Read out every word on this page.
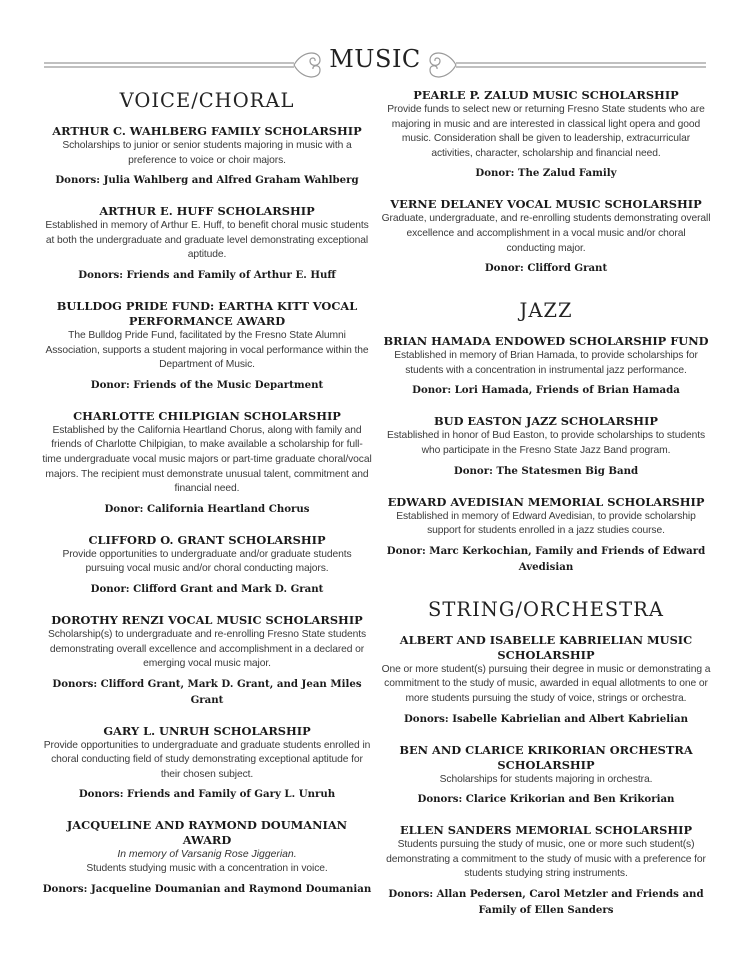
MUSIC
VOICE/CHORAL
ARTHUR C. WAHLBERG FAMILY SCHOLARSHIP
Scholarships to junior or senior students majoring in music with a preference to voice or choir majors.
Donors: Julia Wahlberg and Alfred Graham Wahlberg
ARTHUR E. HUFF SCHOLARSHIP
Established in memory of Arthur E. Huff, to benefit choral music students at both the undergraduate and graduate level demonstrating exceptional aptitude.
Donors: Friends and Family of Arthur E. Huff
BULLDOG PRIDE FUND: EARTHA KITT VOCAL PERFORMANCE AWARD
The Bulldog Pride Fund, facilitated by the Fresno State Alumni Association, supports a student majoring in vocal performance within the Department of Music.
Donor: Friends of the Music Department
CHARLOTTE CHILPIGIAN SCHOLARSHIP
Established by the California Heartland Chorus, along with family and friends of Charlotte Chilpigian, to make available a scholarship for full-time undergraduate vocal music majors or part-time graduate choral/vocal majors. The recipient must demonstrate unusual talent, commitment and financial need.
Donor: California Heartland Chorus
CLIFFORD O. GRANT SCHOLARSHIP
Provide opportunities to undergraduate and/or graduate students pursuing vocal music and/or choral conducting majors.
Donor: Clifford Grant and Mark D. Grant
DOROTHY RENZI VOCAL MUSIC SCHOLARSHIP
Scholarship(s) to undergraduate and re-enrolling Fresno State students demonstrating overall excellence and accomplishment in a declared or emerging vocal music major.
Donors: Clifford Grant, Mark D. Grant, and Jean Miles Grant
GARY L. UNRUH SCHOLARSHIP
Provide opportunities to undergraduate and graduate students enrolled in choral conducting field of study demonstrating exceptional aptitude for their chosen subject.
Donors: Friends and Family of Gary L. Unruh
JACQUELINE AND RAYMOND DOUMANIAN AWARD
In memory of Varsanig Rose Jiggerian.
Students studying music with a concentration in voice.
Donors: Jacqueline Doumanian and Raymond Doumanian
PEARLE P. ZALUD MUSIC SCHOLARSHIP
Provide funds to select new or returning Fresno State students who are majoring in music and are interested in classical light opera and good music. Consideration shall be given to leadership, extracurricular activities, character, scholarship and financial need.
Donor: The Zalud Family
VERNE DELANEY VOCAL MUSIC SCHOLARSHIP
Graduate, undergraduate, and re-enrolling students demonstrating overall excellence and accomplishment in a vocal music and/or choral conducting major.
Donor: Clifford Grant
JAZZ
BRIAN HAMADA ENDOWED SCHOLARSHIP FUND
Established in memory of Brian Hamada, to provide scholarships for students with a concentration in instrumental jazz performance.
Donor: Lori Hamada, Friends of Brian Hamada
BUD EASTON JAZZ SCHOLARSHIP
Established in honor of Bud Easton, to provide scholarships to students who participate in the Fresno State Jazz Band program.
Donor: The Statesmen Big Band
EDWARD AVEDISIAN MEMORIAL SCHOLARSHIP
Established in memory of Edward Avedisian, to provide scholarship support for students enrolled in a jazz studies course.
Donor: Marc Kerkochian, Family and Friends of Edward Avedisian
STRING/ORCHESTRA
ALBERT AND ISABELLE KABRIELIAN MUSIC SCHOLARSHIP
One or more student(s) pursuing their degree in music or demonstrating a commitment to the study of music, awarded in equal allotments to one or more students pursuing the study of voice, strings or orchestra.
Donors: Isabelle Kabrielian and Albert Kabrielian
BEN AND CLARICE KRIKORIAN ORCHESTRA SCHOLARSHIP
Scholarships for students majoring in orchestra.
Donors: Clarice Krikorian and Ben Krikorian
ELLEN SANDERS MEMORIAL SCHOLARSHIP
Students pursuing the study of music, one or more such student(s) demonstrating a commitment to the study of music with a preference for students studying string instruments.
Donors: Allan Pedersen, Carol Metzler and Friends and Family of Ellen Sanders
